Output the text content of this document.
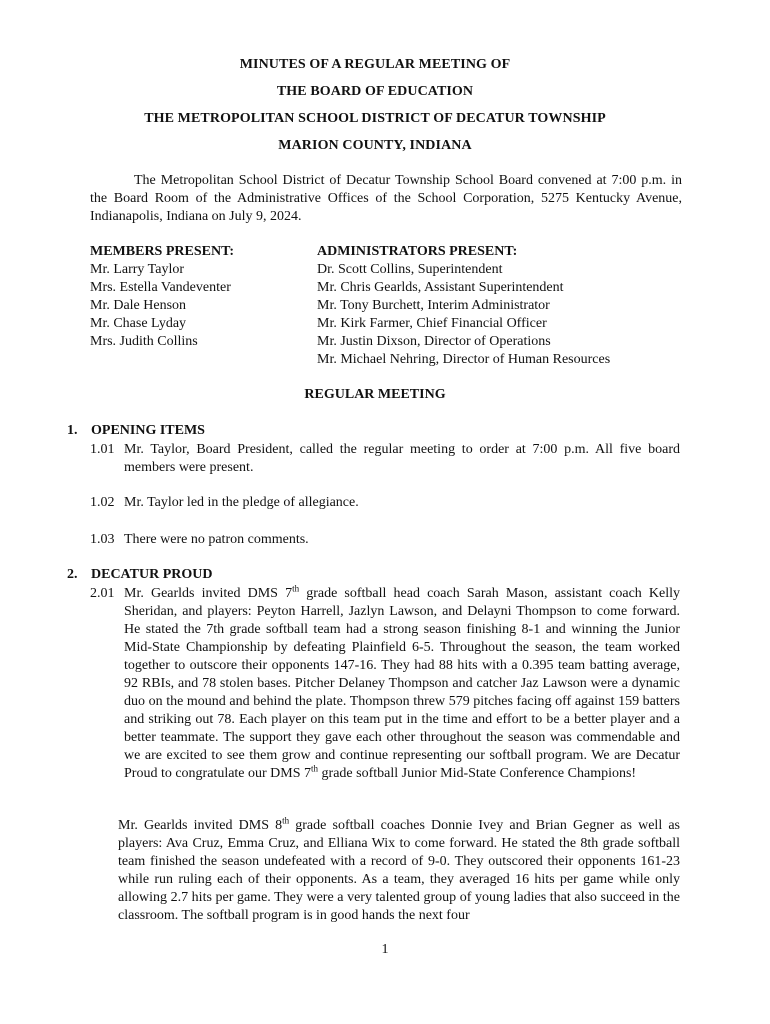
MINUTES OF A REGULAR MEETING OF
THE BOARD OF EDUCATION
THE METROPOLITAN SCHOOL DISTRICT OF DECATUR TOWNSHIP
MARION COUNTY, INDIANA

The Metropolitan School District of Decatur Township School Board convened at 7:00 p.m. in the Board Room of the Administrative Offices of the School Corporation, 5275 Kentucky Avenue, Indianapolis, Indiana on July 9, 2024.

MEMBERS PRESENT:
Mr. Larry Taylor
Mrs. Estella Vandeventer
Mr. Dale Henson
Mr. Chase Lyday
Mrs. Judith Collins
ADMINISTRATORS PRESENT:
Dr. Scott Collins, Superintendent
Mr. Chris Gearlds, Assistant Superintendent
Mr. Tony Burchett, Interim Administrator
Mr. Kirk Farmer, Chief Financial Officer
Mr. Justin Dixson, Director of Operations
Mr. Michael Nehring, Director of Human Resources
REGULAR MEETING
1. OPENING ITEMS
1.01 Mr. Taylor, Board President, called the regular meeting to order at 7:00 p.m. All five board members were present.
1.02 Mr. Taylor led in the pledge of allegiance.
1.03 There were no patron comments.
2. DECATUR PROUD
2.01 Mr. Gearlds invited DMS 7th grade softball head coach Sarah Mason, assistant coach Kelly Sheridan, and players: Peyton Harrell, Jazlyn Lawson, and Delayni Thompson to come forward. He stated the 7th grade softball team had a strong season finishing 8-1 and winning the Junior Mid-State Championship by defeating Plainfield 6-5. Throughout the season, the team worked together to outscore their opponents 147-16. They had 88 hits with a 0.395 team batting average, 92 RBIs, and 78 stolen bases. Pitcher Delaney Thompson and catcher Jaz Lawson were a dynamic duo on the mound and behind the plate. Thompson threw 579 pitches facing off against 159 batters and striking out 78. Each player on this team put in the time and effort to be a better player and a better teammate. The support they gave each other throughout the season was commendable and we are excited to see them grow and continue representing our softball program. We are Decatur Proud to congratulate our DMS 7th grade softball Junior Mid-State Conference Champions!

Mr. Gearlds invited DMS 8th grade softball coaches Donnie Ivey and Brian Gegner as well as players: Ava Cruz, Emma Cruz, and Elliana Wix to come forward. He stated the 8th grade softball team finished the season undefeated with a record of 9-0. They outscored their opponents 161-23 while run ruling each of their opponents. As a team, they averaged 16 hits per game while only allowing 2.7 hits per game. They were a very talented group of young ladies that also succeed in the classroom. The softball program is in good hands the next four

1
